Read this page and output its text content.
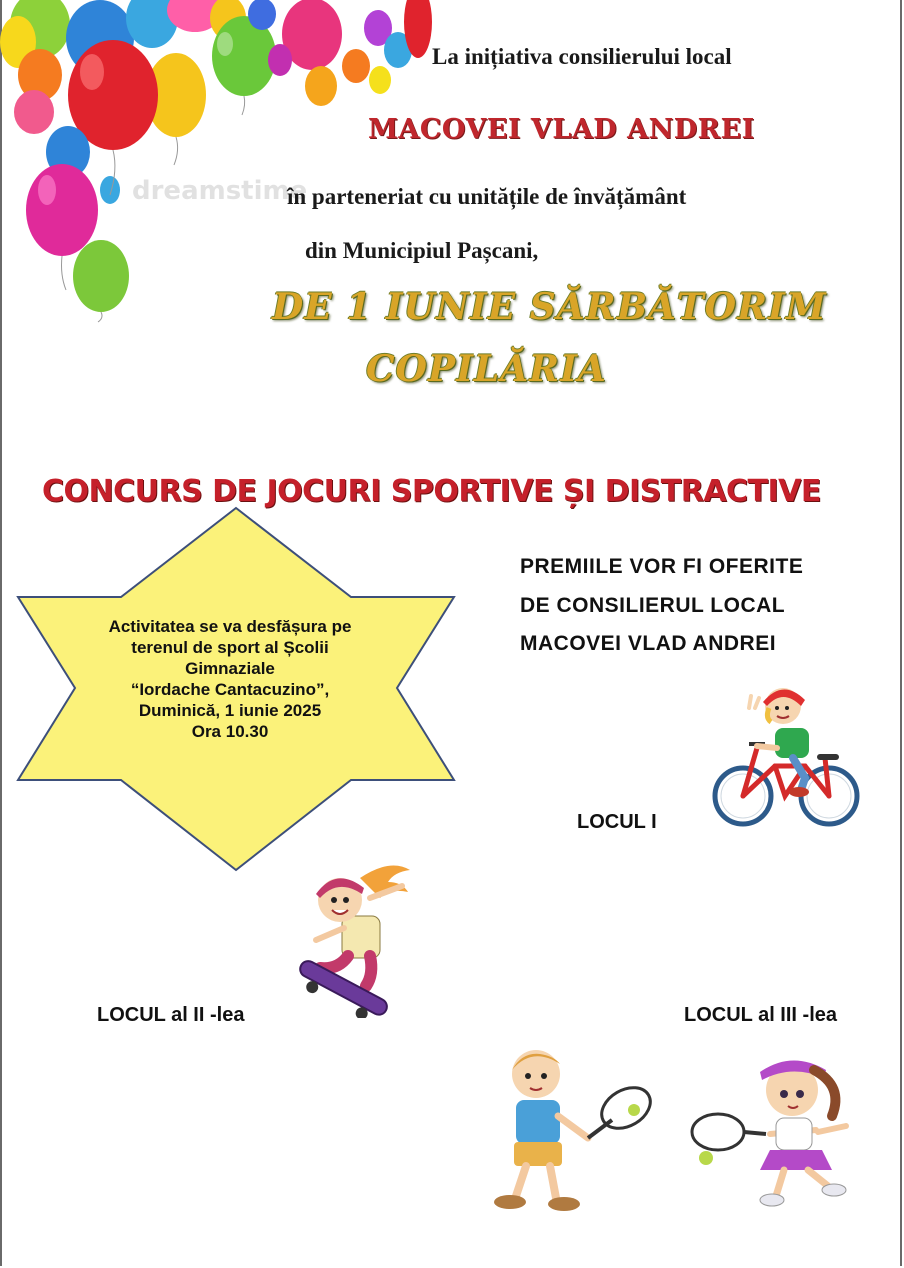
dreamstime
La inițiativa consilierului local
MACOVEI VLAD ANDREI
în parteneriat cu unitățile de învățământ
din Municipiul Pașcani,
DE 1 IUNIE SĂRBĂTORIM
COPILĂRIA
CONCURS DE JOCURI SPORTIVE ȘI DISTRACTIVE
Activitatea se va desfășura pe
terenul de sport al Școlii
Gimnaziale
“Iordache Cantacuzino”,
Duminică, 1 iunie 2025
Ora 10.30
PREMIILE VOR FI OFERITE
DE CONSILIERUL LOCAL
MACOVEI VLAD ANDREI
LOCUL I
LOCUL al II -lea	LOCUL al III -lea
